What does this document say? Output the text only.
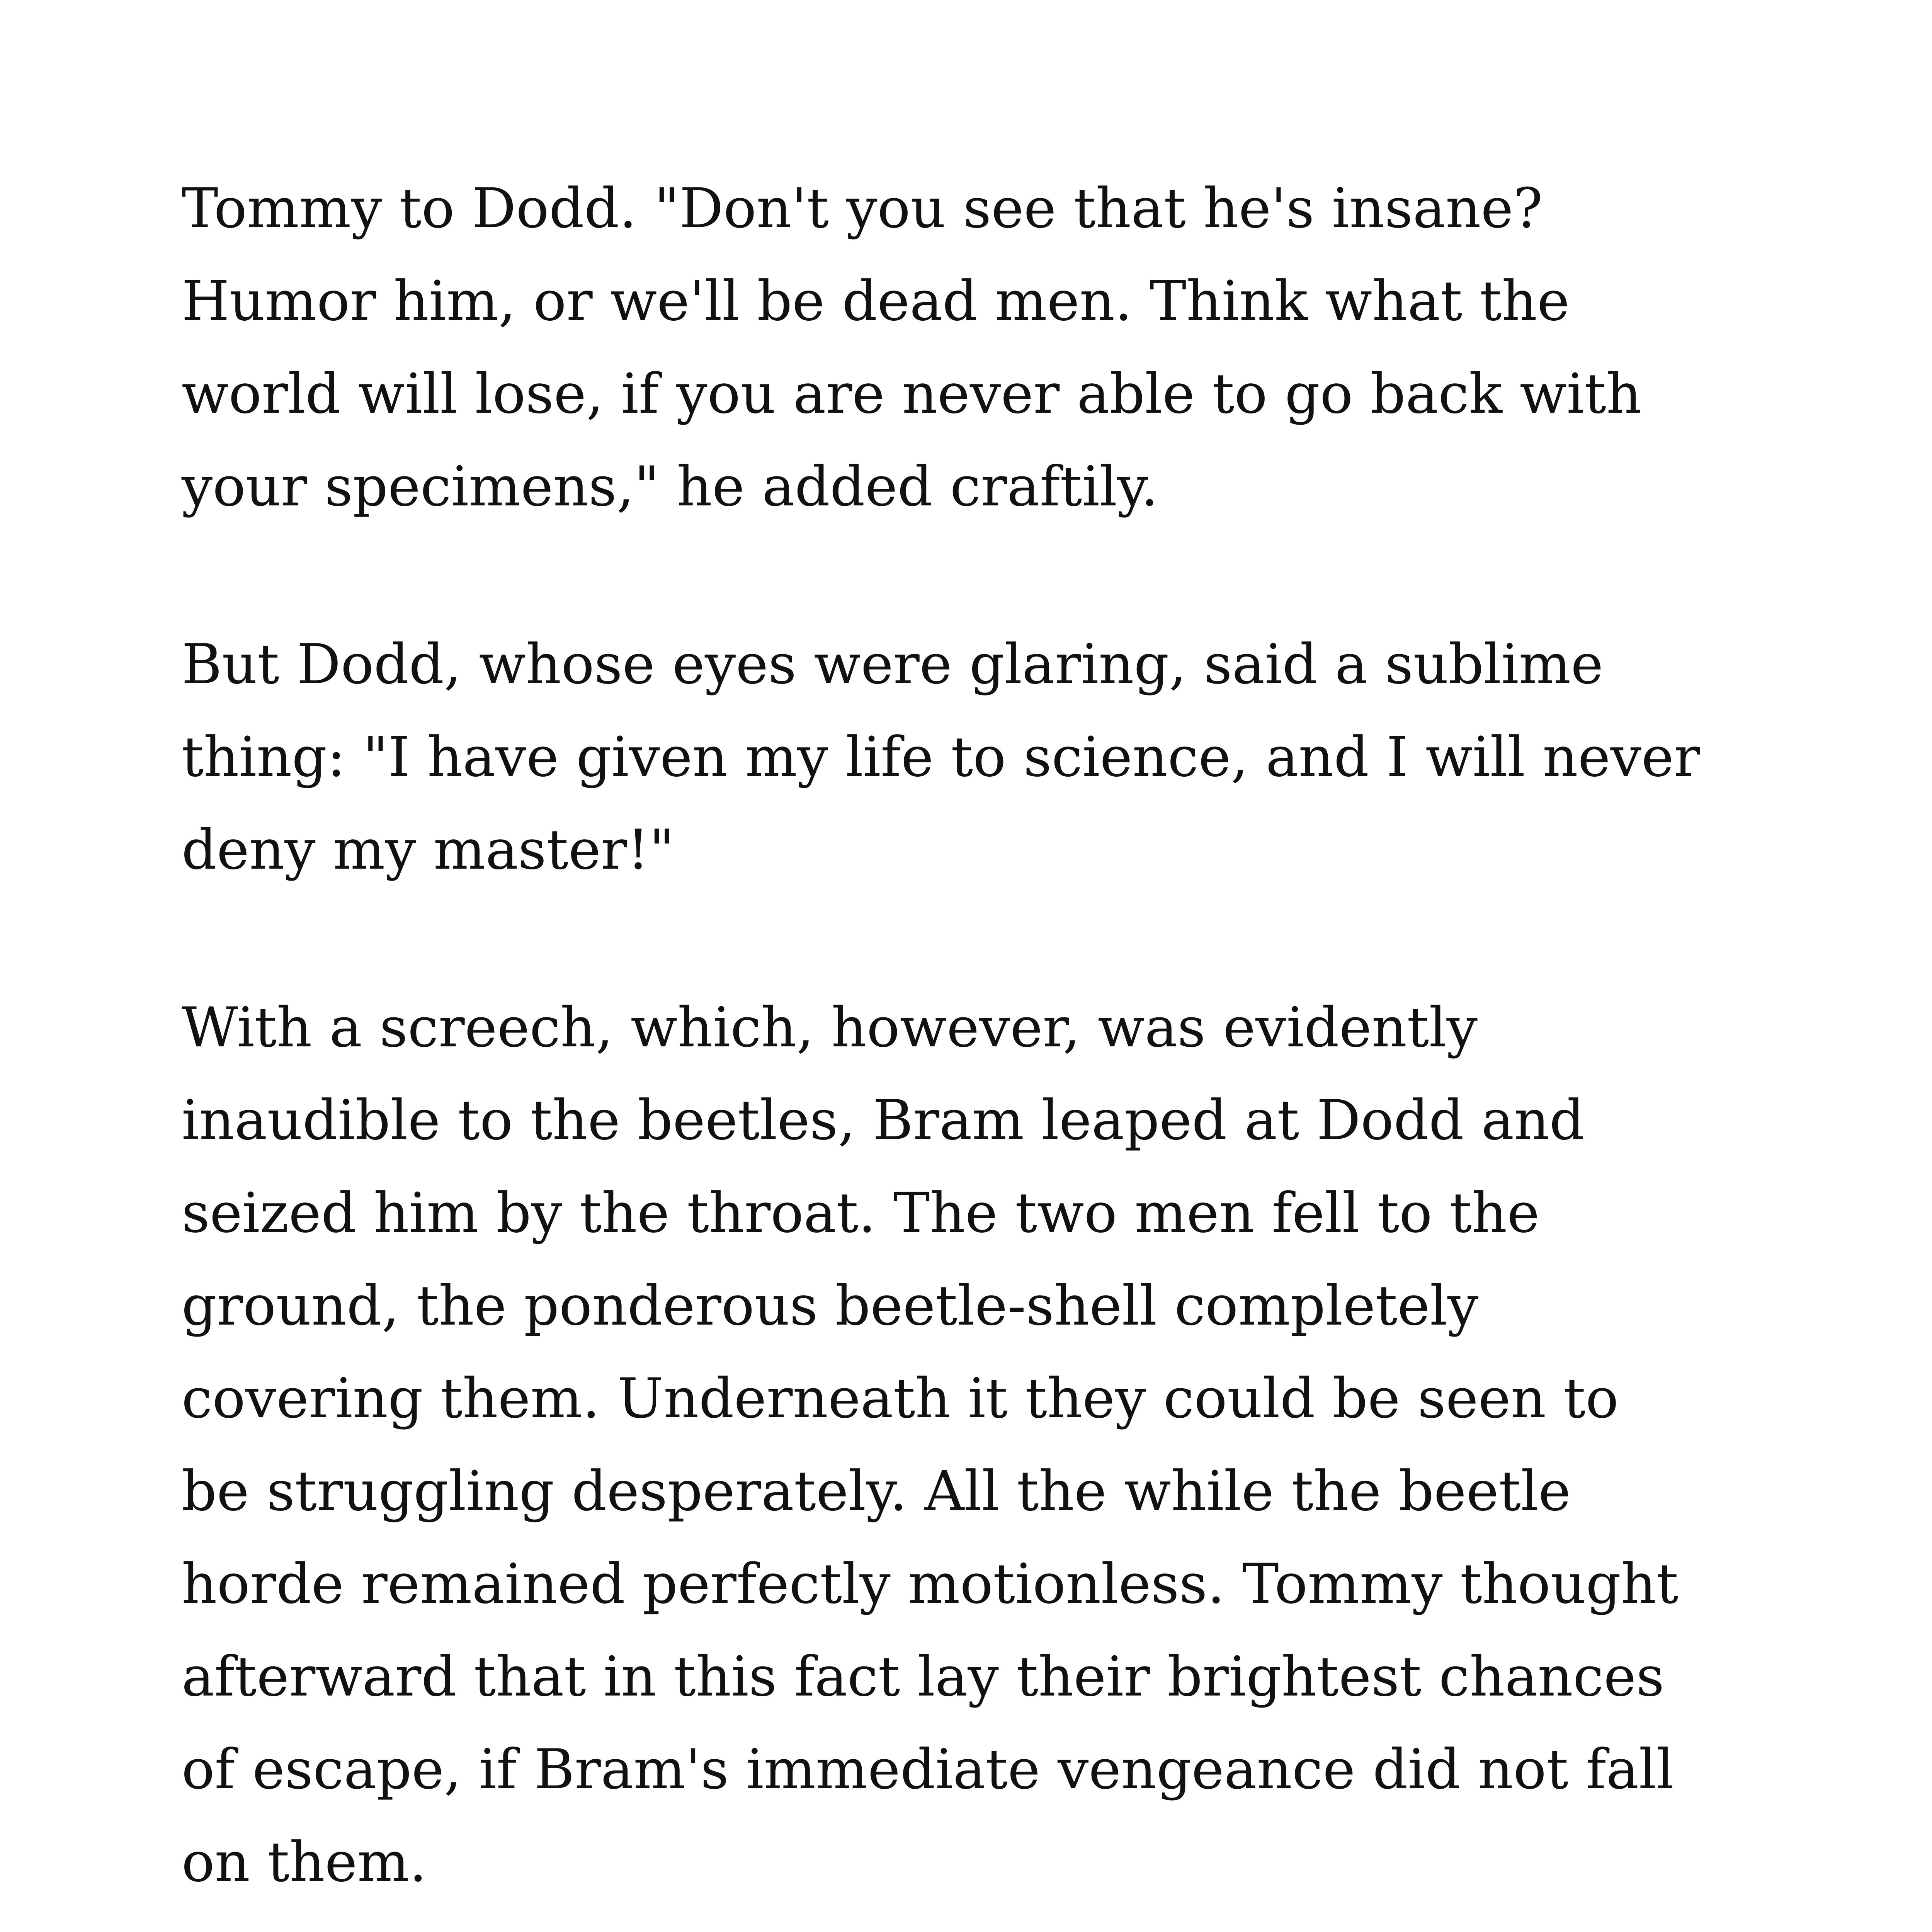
Tommy to Dodd. "Don't you see that he's insane?
Humor him, or we'll be dead men. Think what the
world will lose, if you are never able to go back with
your specimens," he added craftily.

But Dodd, whose eyes were glaring, said a sublime
thing: "I have given my life to science, and I will never
deny my master!"

With a screech, which, however, was evidently
inaudible to the beetles, Bram leaped at Dodd and
seized him by the throat. The two men fell to the
ground, the ponderous beetle-shell completely
covering them. Underneath it they could be seen to
be struggling desperately. All the while the beetle
horde remained perfectly motionless. Tommy thought
afterward that in this fact lay their brightest chances
of escape, if Bram's immediate vengeance did not fall
on them.
